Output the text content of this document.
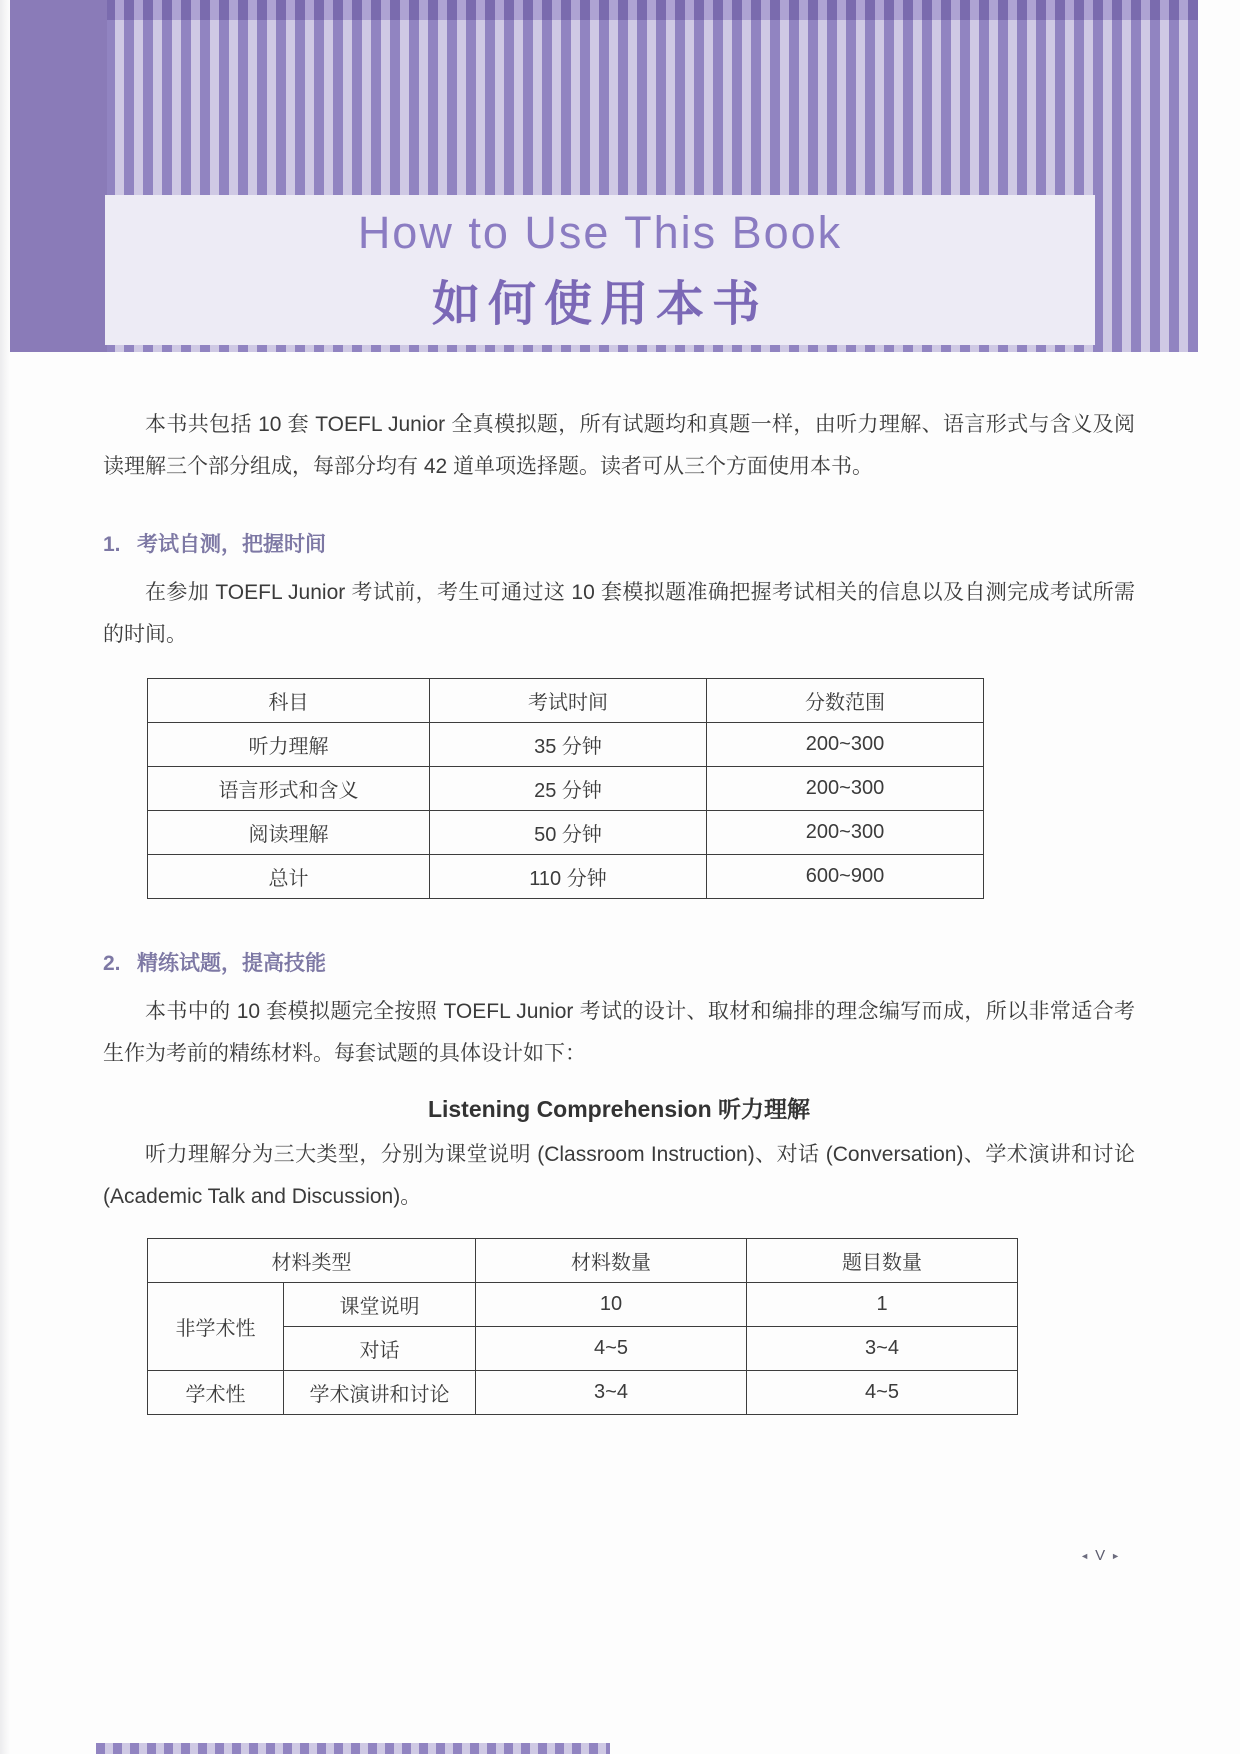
How to Use This Book
如何使用本书

本书共包括 10 套 TOEFL Junior 全真模拟题，所有试题均和真题一样，由听力理解、语言形式与含义及阅读理解三个部分组成，每部分均有 42 道单项选择题。读者可从三个方面使用本书。

1. 考试自测，把握时间

在参加 TOEFL Junior 考试前，考生可通过这 10 套模拟题准确把握考试相关的信息以及自测完成考试所需的时间。

科目	考试时间	分数范围
听力理解	35 分钟	200~300
语言形式和含义	25 分钟	200~300
阅读理解	50 分钟	200~300
总计	110 分钟	600~900
2. 精练试题，提高技能

本书中的 10 套模拟题完全按照 TOEFL Junior 考试的设计、取材和编排的理念编写而成，所以非常适合考生作为考前的精练材料。每套试题的具体设计如下：

Listening Comprehension 听力理解

听力理解分为三大类型，分别为课堂说明 (Classroom Instruction)、对话 (Conversation)、学术演讲和讨论 (Academic Talk and Discussion)。

材料类型		材料数量	题目数量
非学术性	课堂说明	10	1
	对话	4~5	3~4
学术性	学术演讲和讨论	3~4	4~5
◄ V ►
